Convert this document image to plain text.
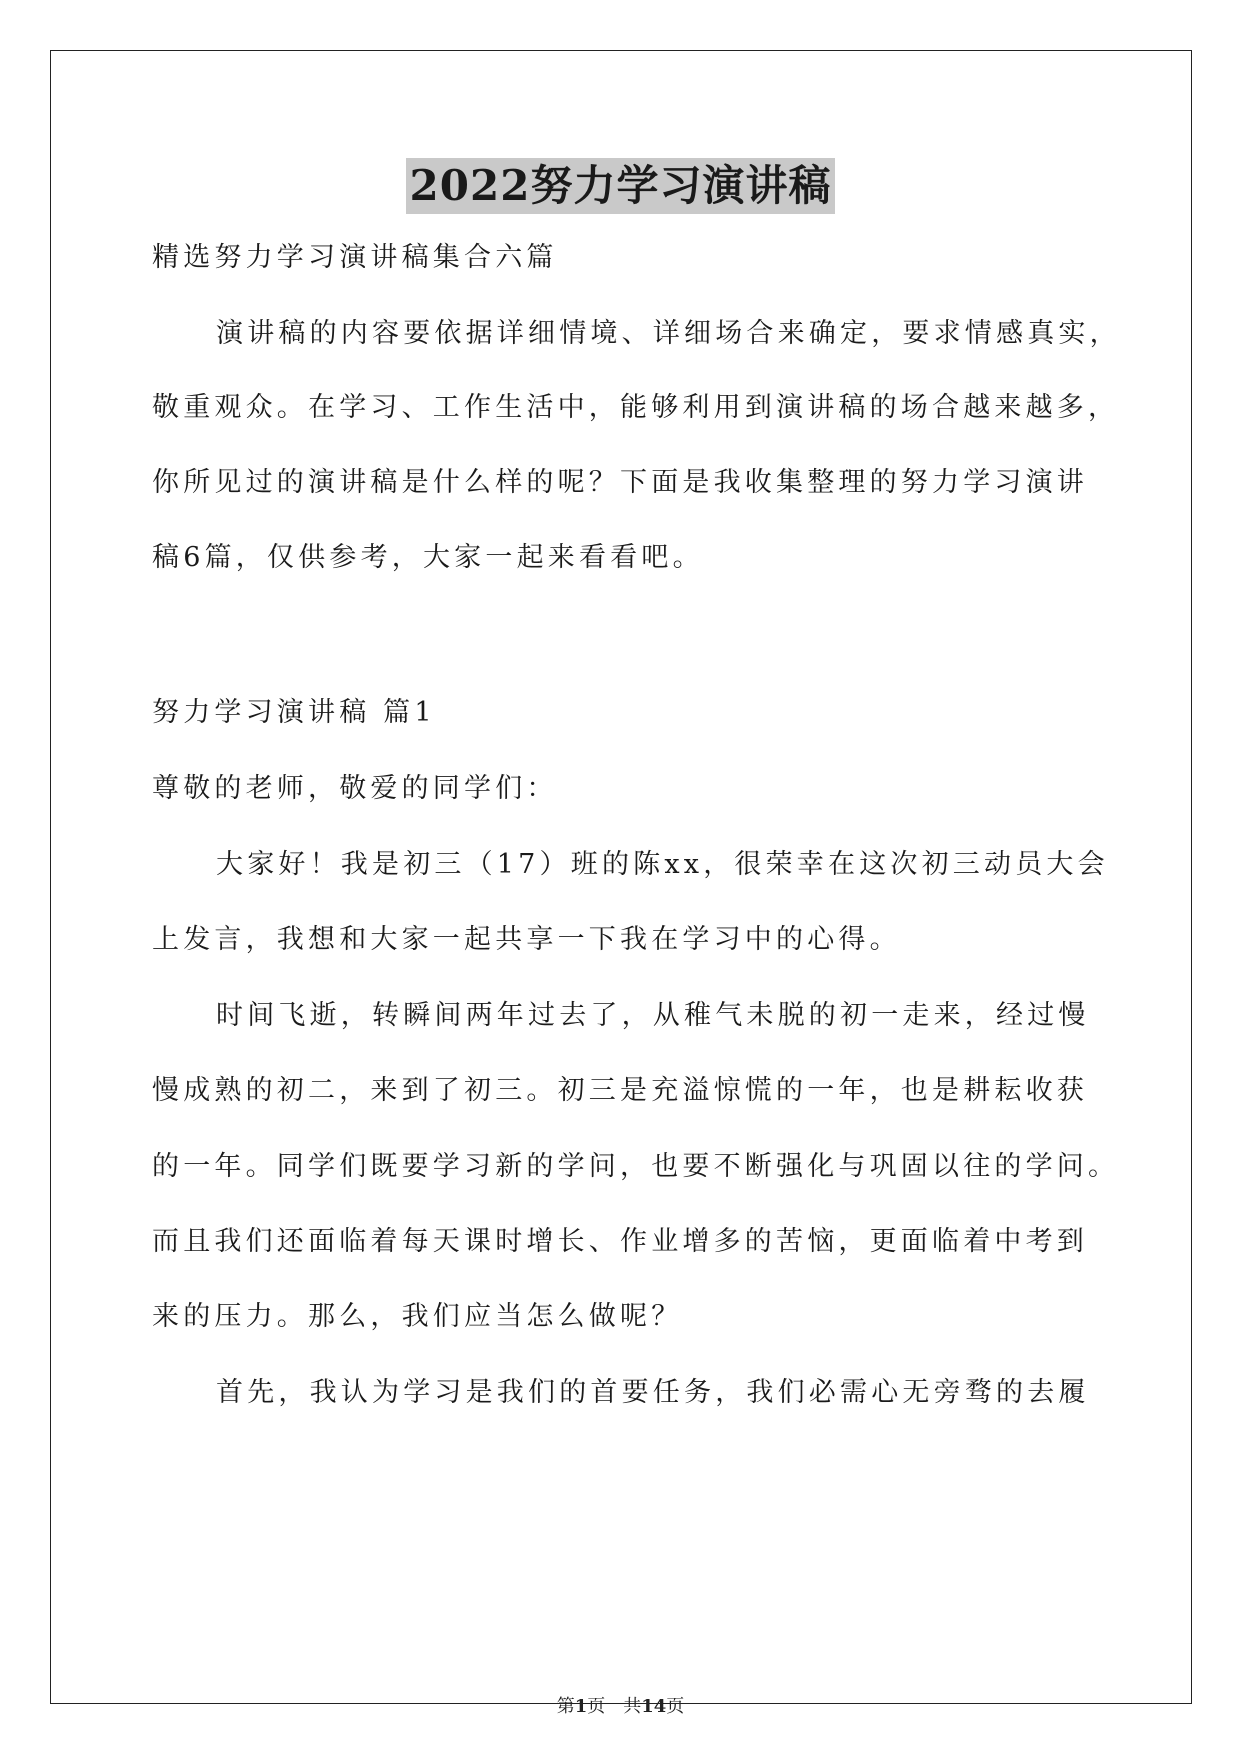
2022努力学习演讲稿
精选努力学习演讲稿集合六篇
演讲稿的内容要依据详细情境、详细场合来确定，要求情感真实，
敬重观众。在学习、工作生活中，能够利用到演讲稿的场合越来越多，
你所见过的演讲稿是什么样的呢？下面是我收集整理的努力学习演讲
稿6篇，仅供参考，大家一起来看看吧。
努力学习演讲稿 篇1
尊敬的老师，敬爱的同学们：
大家好！我是初三（17）班的陈xx，很荣幸在这次初三动员大会
上发言，我想和大家一起共享一下我在学习中的心得。
时间飞逝，转瞬间两年过去了，从稚气未脱的初一走来，经过慢
慢成熟的初二，来到了初三。初三是充溢惊慌的一年，也是耕耘收获
的一年。同学们既要学习新的学问，也要不断强化与巩固以往的学问。
而且我们还面临着每天课时增长、作业增多的苦恼，更面临着中考到
来的压力。那么，我们应当怎么做呢？
首先，我认为学习是我们的首要任务，我们必需心无旁骛的去履
第1页　共14页
